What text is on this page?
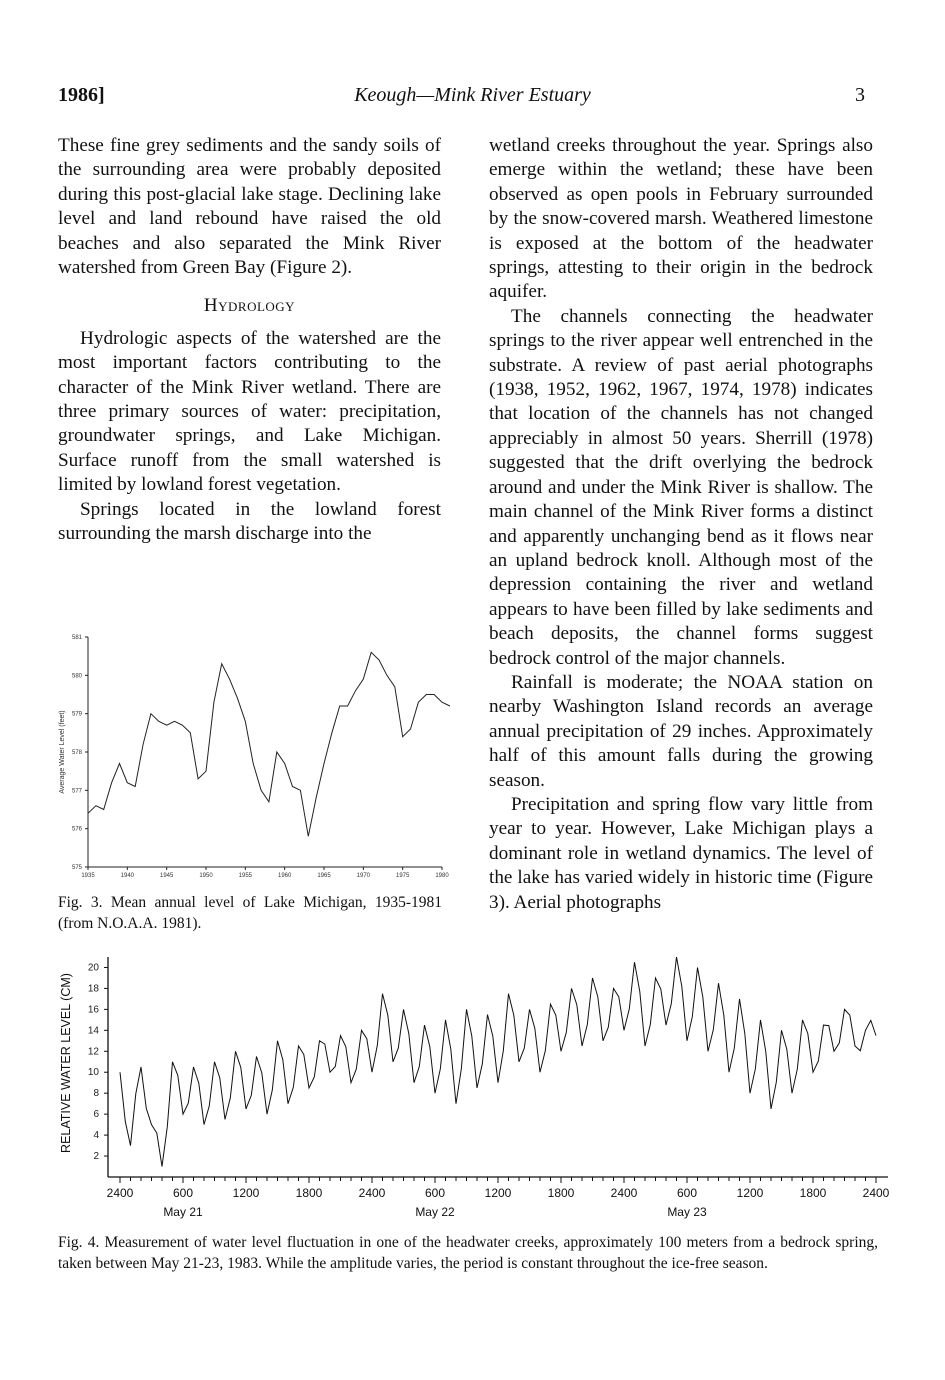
1986]	Keough—Mink River Estuary	3

These fine grey sediments and the sandy soils of the surrounding area were probably deposited during this post-glacial lake stage. Declining lake level and land rebound have raised the old beaches and also separated the Mink River watershed from Green Bay (Figure 2).

Hydrology

Hydrologic aspects of the watershed are the most important factors contributing to the character of the Mink River wetland. There are three primary sources of water: precipitation, groundwater springs, and Lake Michigan. Surface runoff from the small watershed is limited by lowland forest vegetation.

Springs located in the lowland forest surrounding the marsh discharge into the

wetland creeks throughout the year. Springs also emerge within the wetland; these have been observed as open pools in February surrounded by the snow-covered marsh. Weathered limestone is exposed at the bottom of the headwater springs, attesting to their origin in the bedrock aquifer.

The channels connecting the headwater springs to the river appear well entrenched in the substrate. A review of past aerial photographs (1938, 1952, 1962, 1967, 1974, 1978) indicates that location of the channels has not changed appreciably in almost 50 years. Sherrill (1978) suggested that the drift overlying the bedrock around and under the Mink River is shallow. The main channel of the Mink River forms a distinct and apparently unchanging bend as it flows near an upland bedrock knoll. Although most of the depression containing the river and wetland appears to have been filled by lake sediments and beach deposits, the channel forms suggest bedrock control of the major channels.

Rainfall is moderate; the NOAA station on nearby Washington Island records an average annual precipitation of 29 inches. Approximately half of this amount falls during the growing season.

Precipitation and spring flow vary little from year to year. However, Lake Michigan plays a dominant role in wetland dynamics. The level of the lake has varied widely in historic time (Figure 3). Aerial photographs

575
576
577
578
579
580
581
1935	1940	1945	1950	1955	1960	1965	1970	1975	1980
Average Water Level (feet)
Fig. 3. Mean annual level of Lake Michigan, 1935-1981 (from N.O.A.A. 1981).
2
4
6
8
10
12
14
16
18
20
2400	600	1200	1800	2400	600	1200	1800	2400	600	1200	1800	2400
May 21	May 22	May 23
RELATIVE WATER LEVEL (CM)
Fig. 4. Measurement of water level fluctuation in one of the headwater creeks, approximately 100 meters from a bedrock spring, taken between May 21-23, 1983. While the amplitude varies, the period is constant throughout the ice-free season.
